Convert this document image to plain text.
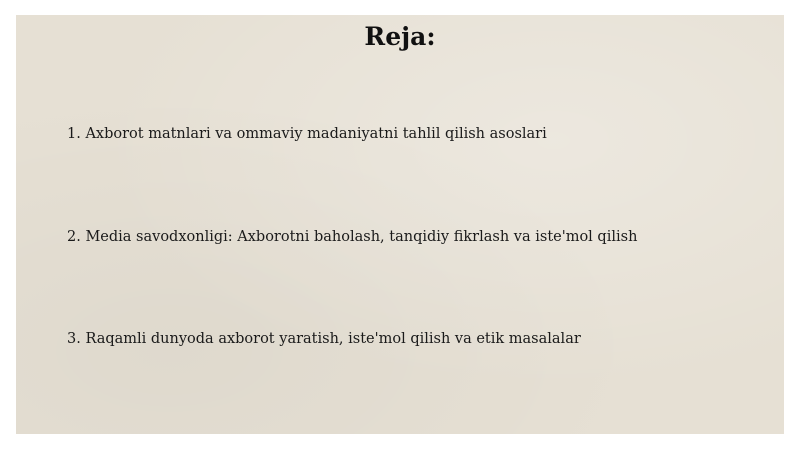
Reja:

1. Axborot matnlari va ommaviy madaniyatni tahlil qilish asoslari

2. Media savodxonligi: Axborotni baholash, tanqidiy fikrlash va iste'mol qilish

3. Raqamli dunyoda axborot yaratish, iste'mol qilish va etik masalalar
